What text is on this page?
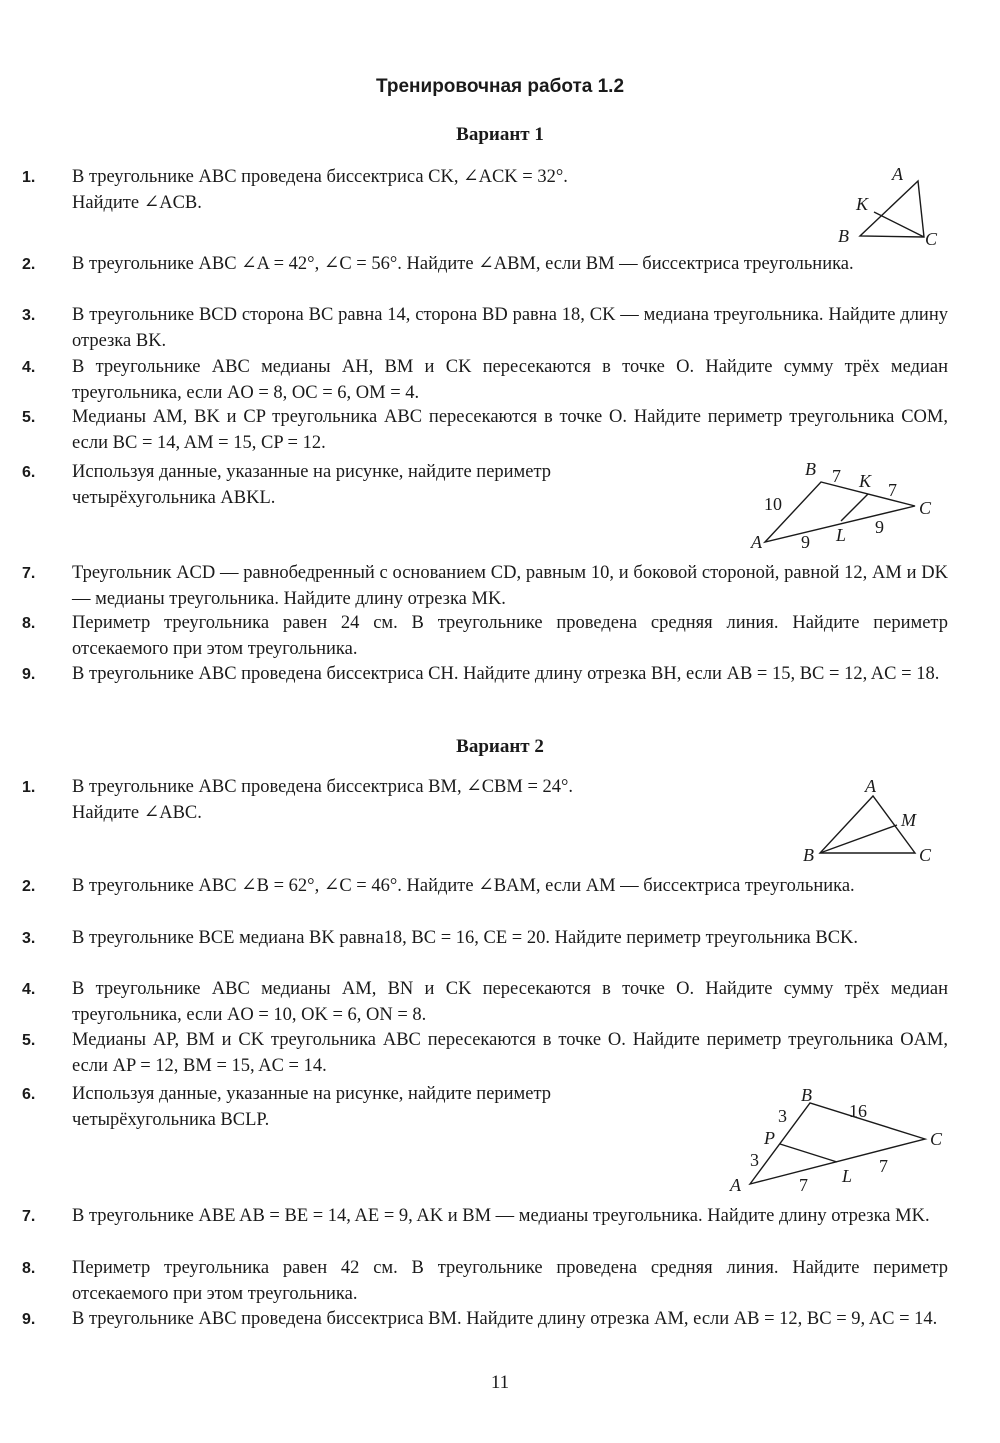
Тренировочная работа 1.2
Вариант 1
1. В треугольнике ABC проведена биссектриса CK, ∠ACK = 32°.
Найдите ∠ACB.
A
K
B	C
2. В треугольнике ABC ∠A = 42°, ∠C = 56°. Найдите ∠ABM, если BM — биссектриса треугольника.
3. В треугольнике BCD сторона BC равна 14, сторона BD равна 18, CK — медиана треугольника. Найдите длину отрезка BK.
4. В треугольнике ABC медианы AH, BM и CK пересекаются в точке O. Найдите сумму трёх медиан треугольника, если AO = 8, OC = 6, OM = 4.
5. Медианы AM, BK и CP треугольника ABC пересекаются в точке O. Найдите периметр треугольника COM, если BC = 14, AM = 15, CP = 12.
6. Используя данные, указанные на рисунке, найдите периметр
четырёхугольника ABKL.
B 7 K 7
C
10
A 9 L 9
7. Треугольник ACD — равнобедренный с основанием CD, равным 10, и боковой стороной, равной 12, AM и DK — медианы треугольника. Найдите длину отрезка MK.
8. Периметр треугольника равен 24 см. В треугольнике проведена средняя линия. Найдите периметр отсекаемого при этом треугольника.
9. В треугольнике ABC проведена биссектриса CH. Найдите длину отрезка BH, если AB = 15, BC = 12, AC = 18.
Вариант 2
1. В треугольнике ABC проведена биссектриса BM, ∠CBM = 24°.
Найдите ∠ABC.
A
M
B	C
2. В треугольнике ABC ∠B = 62°, ∠C = 46°. Найдите ∠BAM, если AM — биссектриса треугольника.
3. В треугольнике BCE медиана BK равна18, BC = 16, CE = 20. Найдите периметр треугольника BCK.
4. В треугольнике ABC медианы AM, BN и CK пересекаются в точке O. Найдите сумму трёх медиан треугольника, если AO = 10, OK = 6, ON = 8.
5. Медианы AP, BM и CK треугольника ABC пересекаются в точке O. Найдите периметр треугольника OAM, если AP = 12, BM = 15, AC = 14.
6. Используя данные, указанные на рисунке, найдите периметр
четырёхугольника BCLP.
B
16
3
P	C
3	7
L
A	7
7. В треугольнике ABE AB = BE = 14, AE = 9, AK и BM — медианы треугольника. Найдите длину отрезка MK.
8. Периметр треугольника равен 42 см. В треугольнике проведена средняя линия. Найдите периметр отсекаемого при этом треугольника.
9. В треугольнике ABC проведена биссектриса BM. Найдите длину отрезка AM, если AB = 12, BC = 9, AC = 14.
11
